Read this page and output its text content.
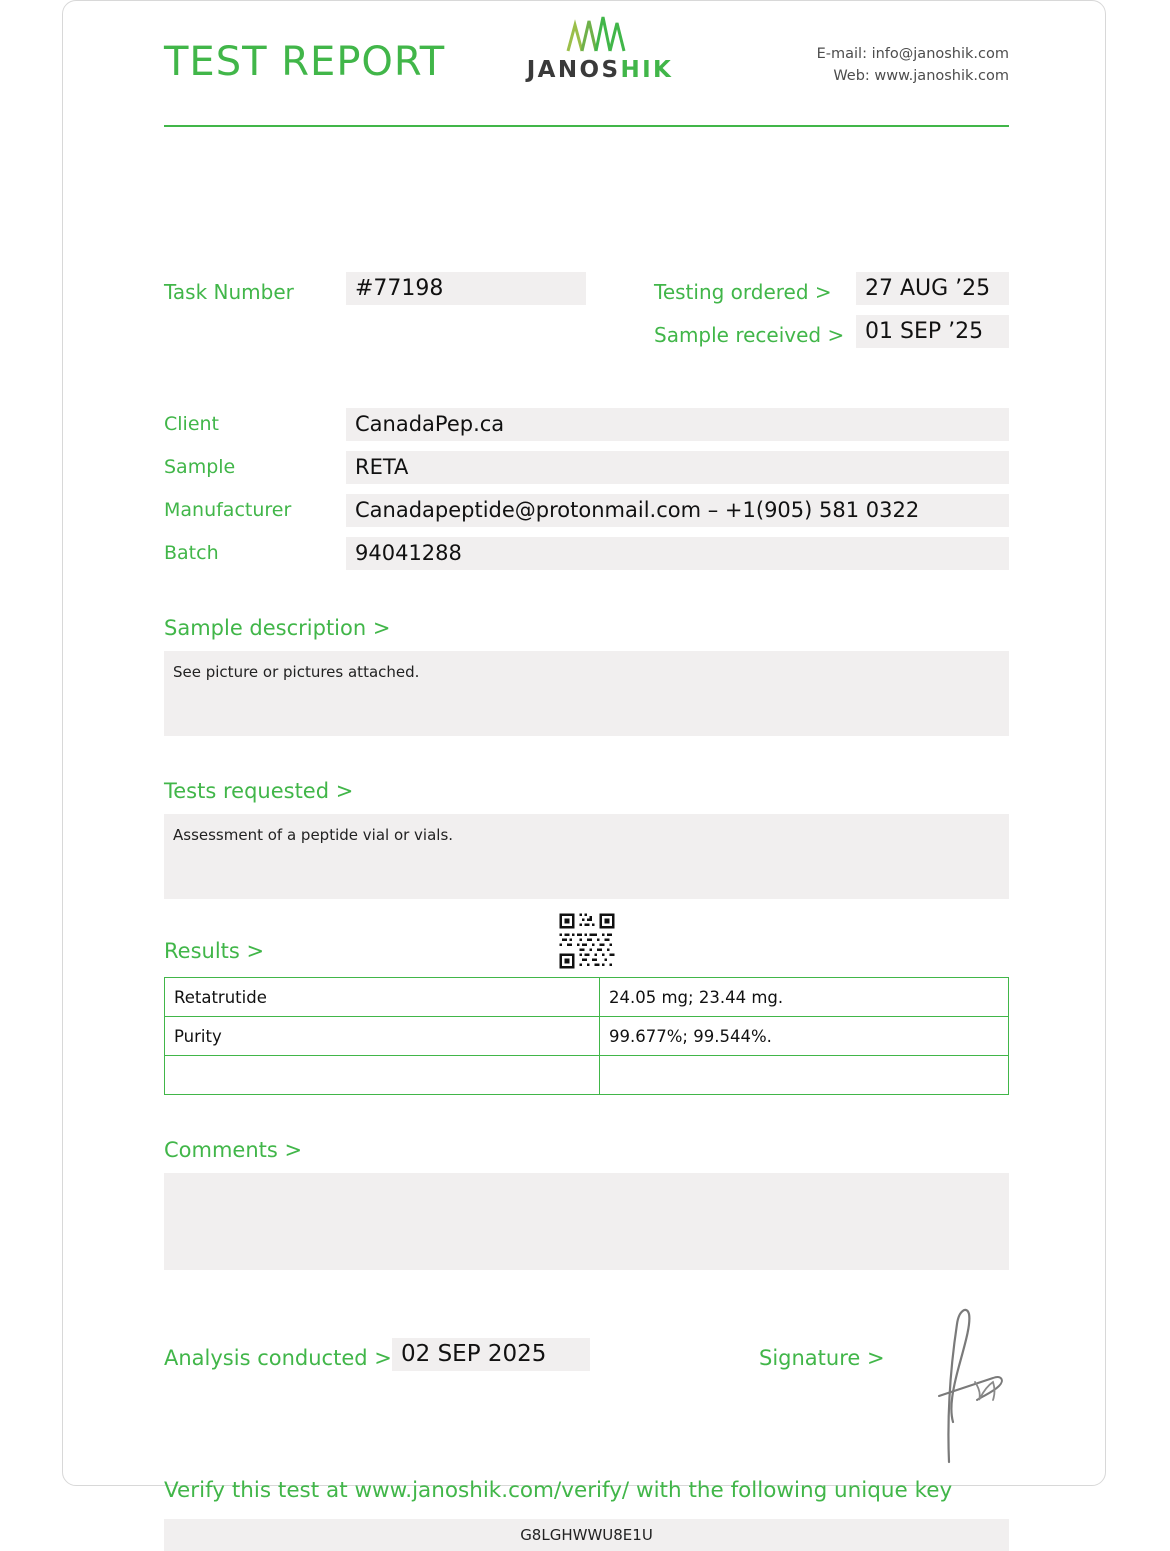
TEST REPORT	JANOSHIK
E-mail: info@janoshik.com
Web: www.janoshik.com
Task Number	#77198	Testing ordered >	27 AUG ’25
Sample received > 01 SEP ’25
Client	CanadaPep.ca
Sample	RETA
Manufacturer	Canadapeptide@protonmail.com – +1(905) 581 0322
Batch	94041288
Sample description >
See picture or pictures attached.
Tests requested >
Assessment of a peptide vial or vials.
Results >
Retatrutide	24.05 mg; 23.44 mg.
Purity	99.677%; 99.544%.

Comments >
Analysis conducted > 02 SEP 2025	Signature >
Verify this test at www.janoshik.com/verify/ with the following unique key
G8LGHWWU8E1U
